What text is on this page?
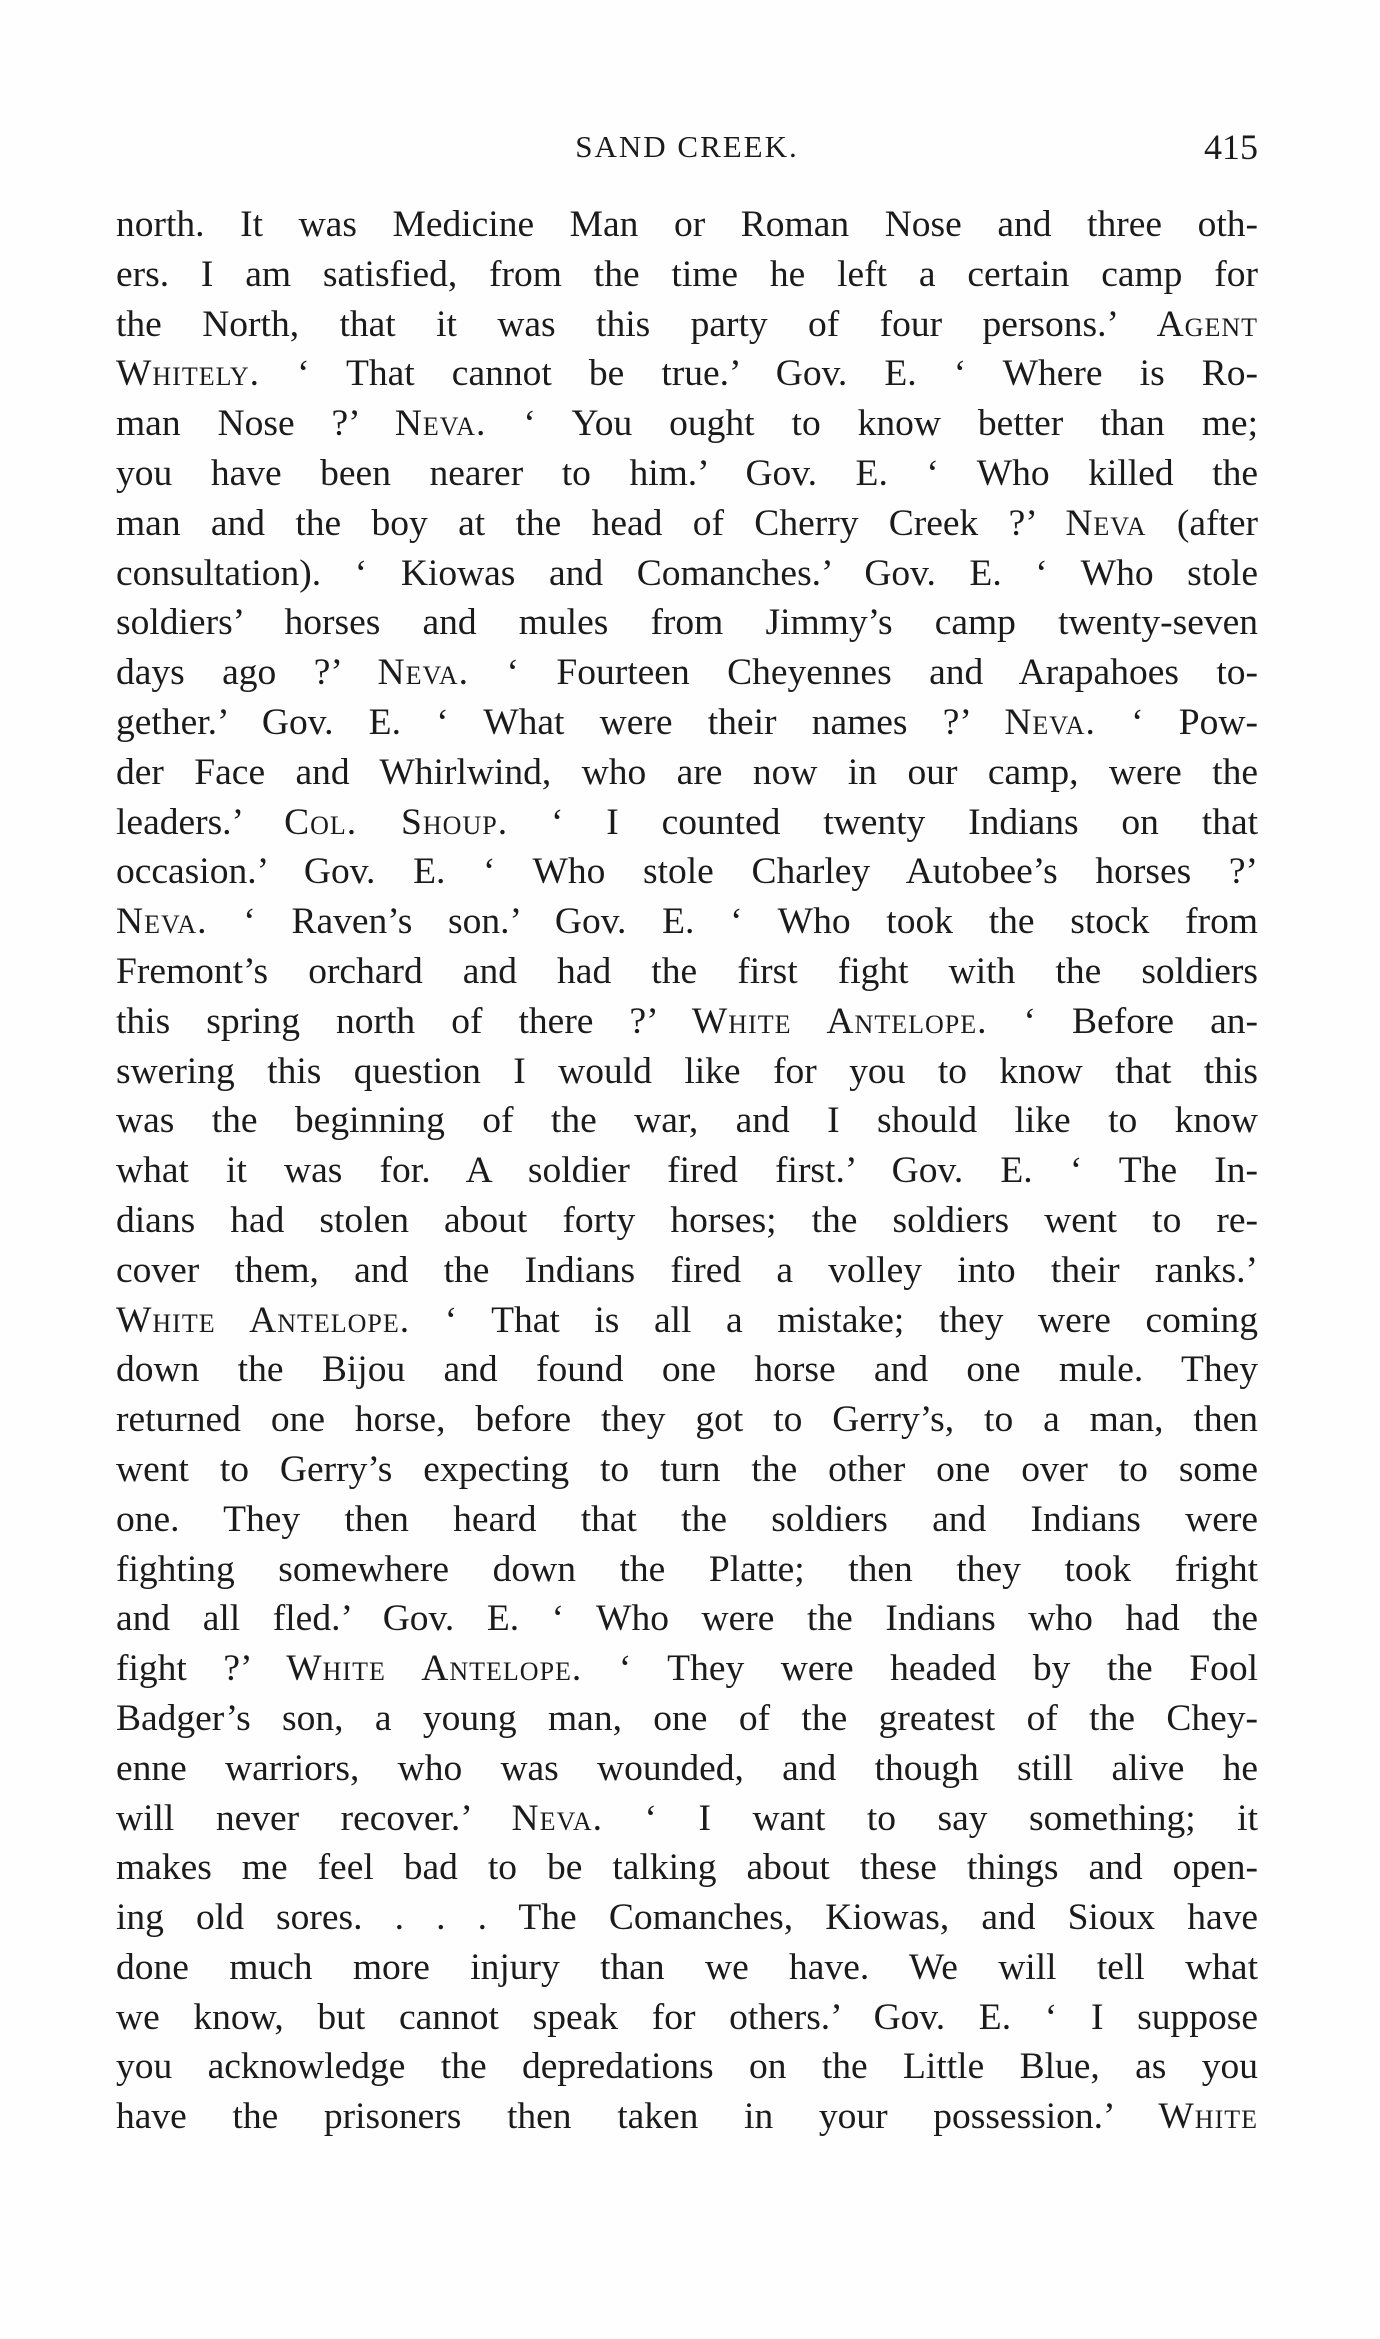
SAND CREEK.	415
north. It was Medicine Man or Roman Nose and three oth-
ers. I am satisfied, from the time he left a certain camp for
the North, that it was this party of four persons.’ Agent
Whitely. ‘ That cannot be true.’ Gov. E. ‘ Where is Ro-
man Nose ?’ Neva. ‘ You ought to know better than me;
you have been nearer to him.’ Gov. E. ‘ Who killed the
man and the boy at the head of Cherry Creek ?’ Neva (after
consultation). ‘ Kiowas and Comanches.’ Gov. E. ‘ Who stole
soldiers’ horses and mules from Jimmy’s camp twenty-seven
days ago ?’ Neva. ‘ Fourteen Cheyennes and Arapahoes to-
gether.’ Gov. E. ‘ What were their names ?’ Neva. ‘ Pow-
der Face and Whirlwind, who are now in our camp, were the
leaders.’ Col. Shoup. ‘ I counted twenty Indians on that
occasion.’ Gov. E. ‘ Who stole Charley Autobee’s horses ?’
Neva. ‘ Raven’s son.’ Gov. E. ‘ Who took the stock from
Fremont’s orchard and had the first fight with the soldiers
this spring north of there ?’ White Antelope. ‘ Before an-
swering this question I would like for you to know that this
was the beginning of the war, and I should like to know
what it was for. A soldier fired first.’ Gov. E. ‘ The In-
dians had stolen about forty horses; the soldiers went to re-
cover them, and the Indians fired a volley into their ranks.’
White Antelope. ‘ That is all a mistake; they were coming
down the Bijou and found one horse and one mule. They
returned one horse, before they got to Gerry’s, to a man, then
went to Gerry’s expecting to turn the other one over to some
one. They then heard that the soldiers and Indians were
fighting somewhere down the Platte; then they took fright
and all fled.’ Gov. E. ‘ Who were the Indians who had the
fight ?’ White Antelope. ‘ They were headed by the Fool
Badger’s son, a young man, one of the greatest of the Chey-
enne warriors, who was wounded, and though still alive he
will never recover.’ Neva. ‘ I want to say something; it
makes me feel bad to be talking about these things and open-
ing old sores. . . . The Comanches, Kiowas, and Sioux have
done much more injury than we have. We will tell what
we know, but cannot speak for others.’ Gov. E. ‘ I suppose
you acknowledge the depredations on the Little Blue, as you
have the prisoners then taken in your possession.’ White
